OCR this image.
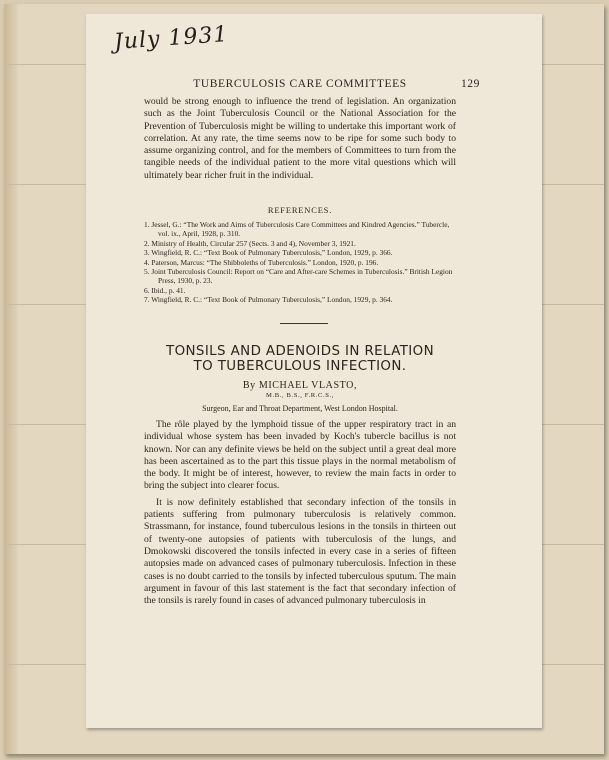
July 1931
TUBERCULOSIS CARE COMMITTEES	129

would be strong enough to influence the trend of legislation. An organization such as the Joint Tuberculosis Council or the National Association for the Prevention of Tuberculosis might be willing to undertake this important work of correlation. At any rate, the time seems now to be ripe for some such body to assume organizing control, and for the members of Committees to turn from the tangible needs of the individual patient to the more vital questions which will ultimately bear richer fruit in the individual.

REFERENCES.
1. Jessel, G.: “The Work and Aims of Tuberculosis Care Committees and Kindred Agencies.” Tubercle, vol. ix., April, 1928, p. 310.
2. Ministry of Health, Circular 257 (Sects. 3 and 4), November 3, 1921.
3. Wingfield, R. C.: “Text Book of Pulmonary Tuberculosis,” London, 1929, p. 366.
4. Paterson, Marcus: “The Shibboleths of Tuberculosis.” London, 1920, p. 196.
5. Joint Tuberculosis Council: Report on “Care and After-care Schemes in Tuberculosis.” British Legion Press, 1930, p. 23.
6. Ibid., p. 41.
7. Wingfield, R. C.: “Text Book of Pulmonary Tuberculosis,” London, 1929, p. 364.
TONSILS AND ADENOIDS IN RELATION
TO TUBERCULOUS INFECTION.
By MICHAEL VLASTO,
M.B., B.S., F.R.C.S.,
Surgeon, Ear and Throat Department, West London Hospital.

The rôle played by the lymphoid tissue of the upper respiratory tract in an individual whose system has been invaded by Koch's tubercle bacillus is not known. Nor can any definite views be held on the subject until a great deal more has been ascertained as to the part this tissue plays in the normal metabolism of the body. It might be of interest, however, to review the main facts in order to bring the subject into clearer focus.

It is now definitely established that secondary infection of the tonsils in patients suffering from pulmonary tuberculosis is relatively common. Strassmann, for instance, found tuberculous lesions in the tonsils in thirteen out of twenty-one autopsies of patients with tuberculosis of the lungs, and Dmokowski discovered the tonsils infected in every case in a series of fifteen autopsies made on advanced cases of pulmonary tuberculosis. Infection in these cases is no doubt carried to the tonsils by infected tuberculous sputum. The main argument in favour of this last statement is the fact that secondary infection of the tonsils is rarely found in cases of advanced pulmonary tuberculosis in
